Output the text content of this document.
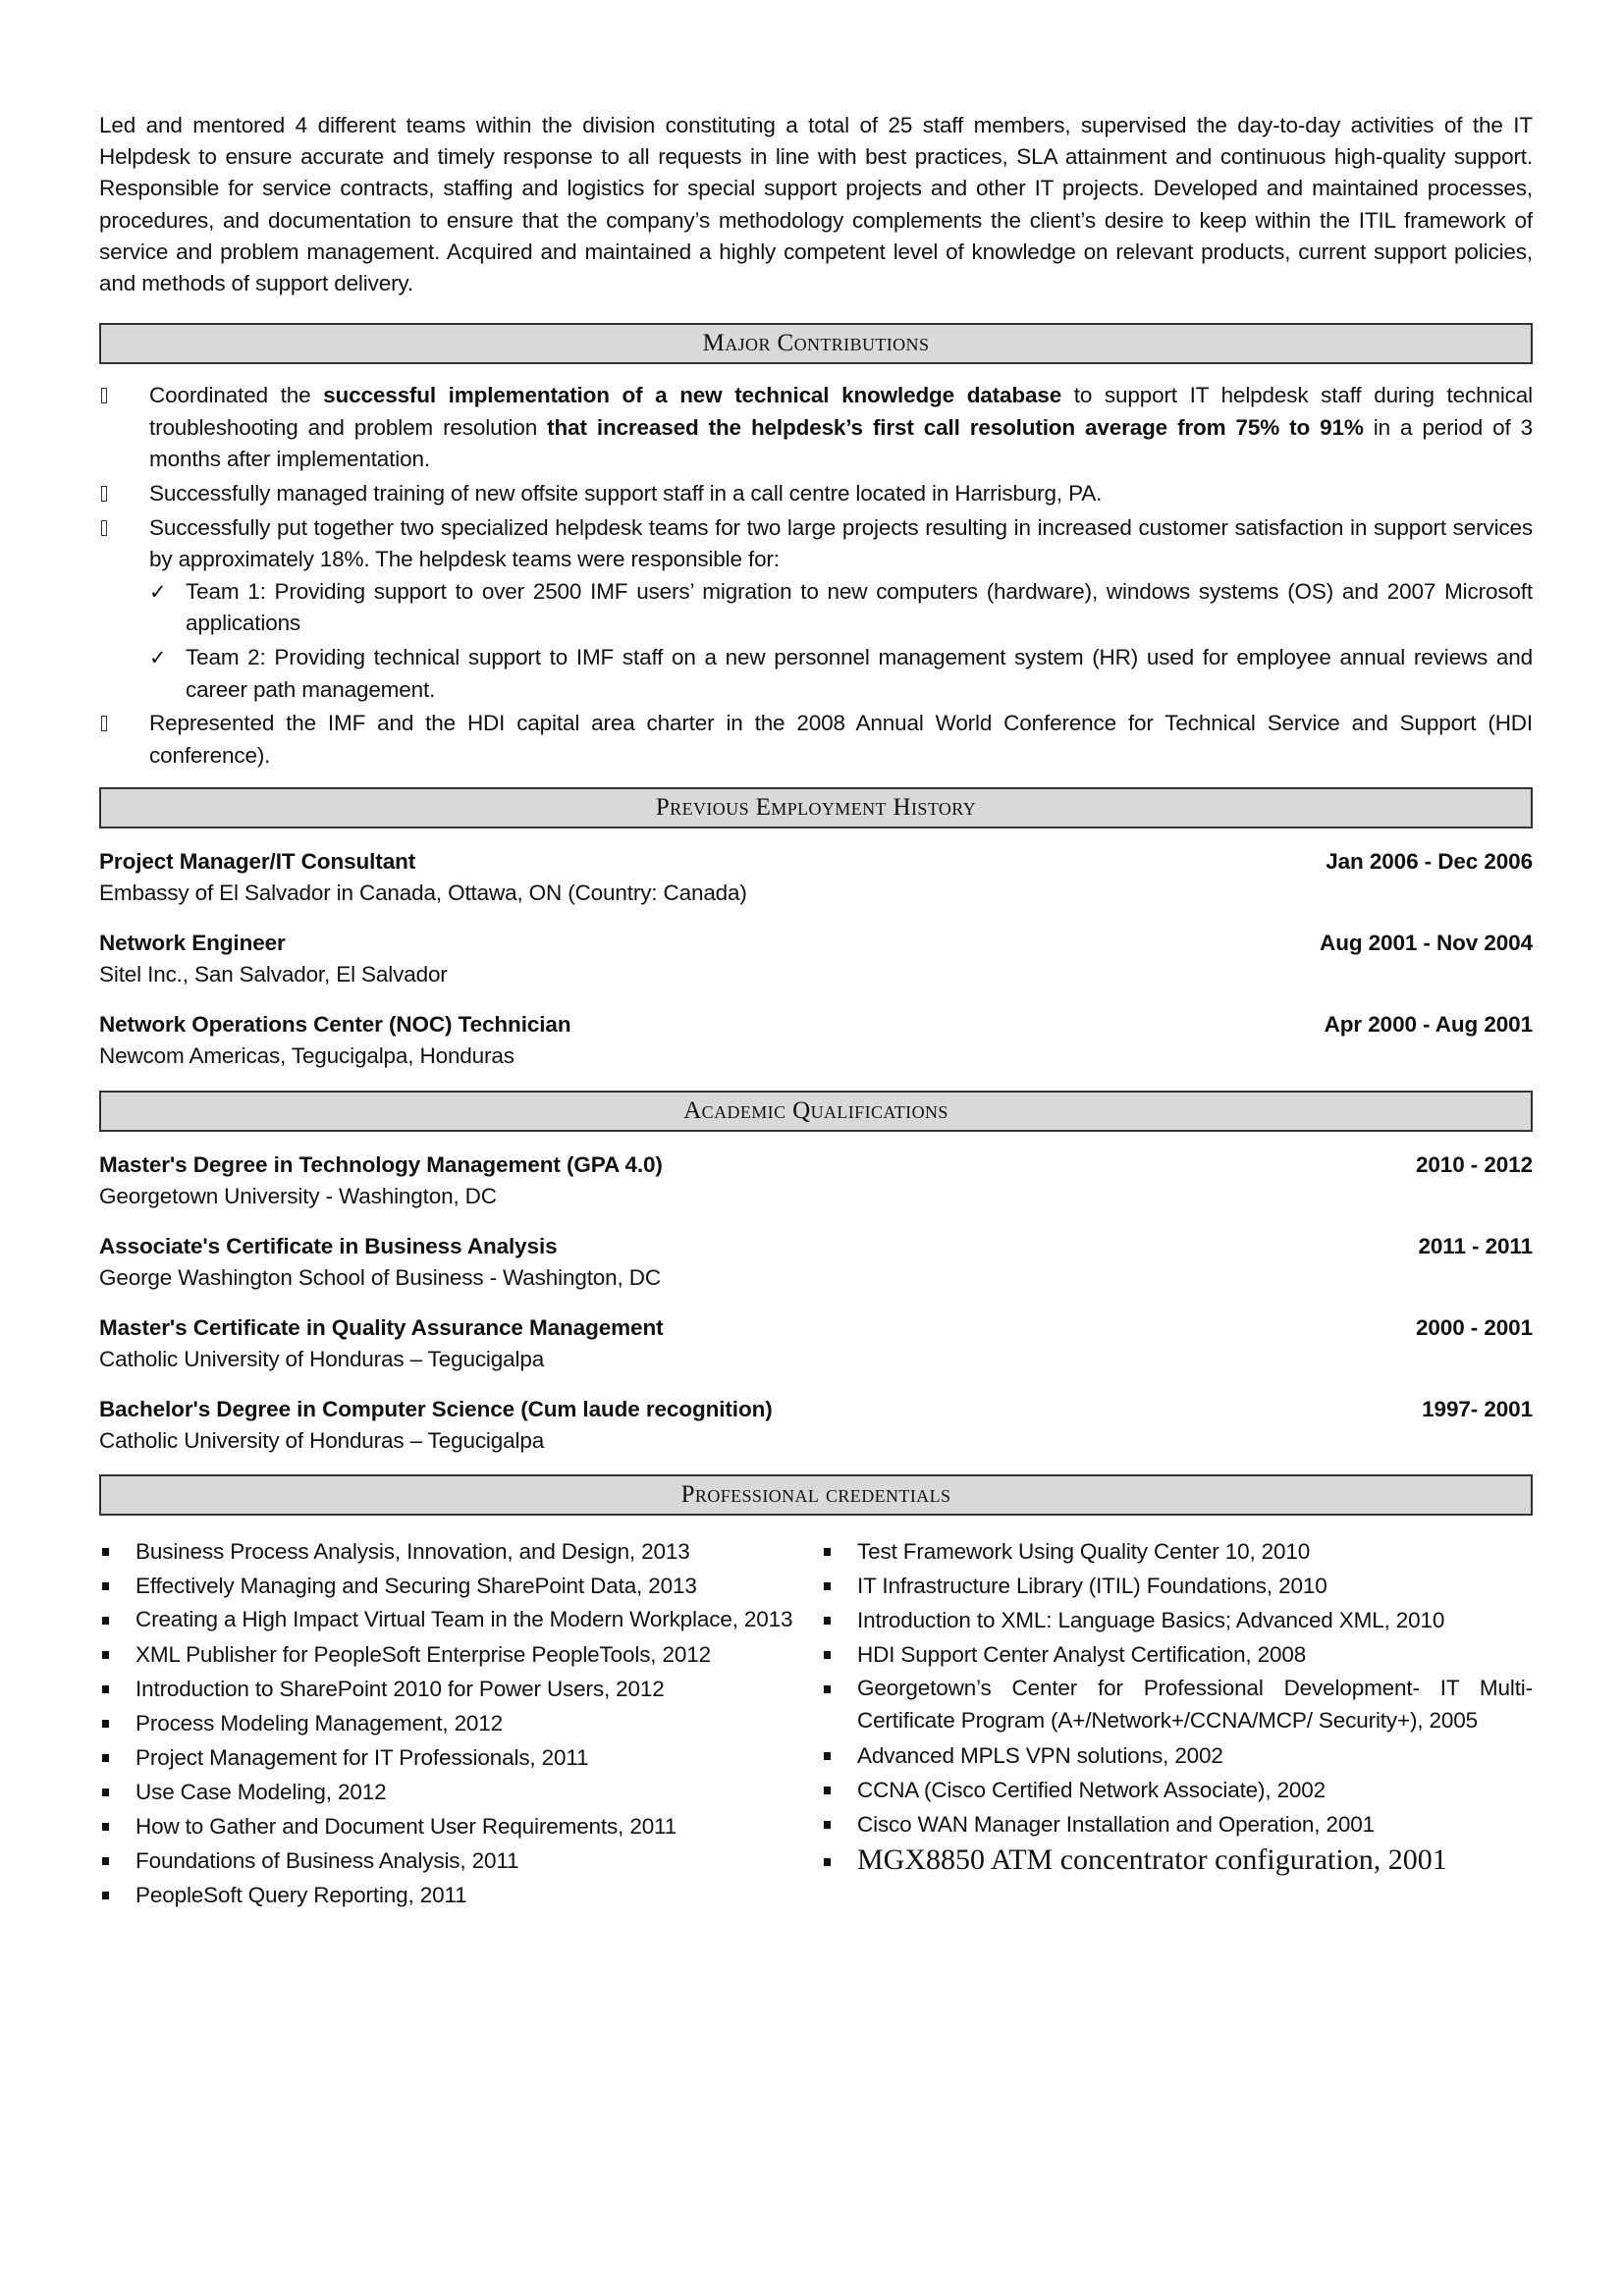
Led and mentored 4 different teams within the division constituting a total of 25 staff members, supervised the day-to-day activities of the IT Helpdesk to ensure accurate and timely response to all requests in line with best practices, SLA attainment and continuous high-quality support. Responsible for service contracts, staffing and logistics for special support projects and other IT projects. Developed and maintained processes, procedures, and documentation to ensure that the company’s methodology complements the client’s desire to keep within the ITIL framework of service and problem management. Acquired and maintained a highly competent level of knowledge on relevant products, current support policies, and methods of support delivery.

Major Contributions
Coordinated the successful implementation of a new technical knowledge database to support IT helpdesk staff during technical troubleshooting and problem resolution that increased the helpdesk’s first call resolution average from 75% to 91% in a period of 3 months after implementation.
Successfully managed training of new offsite support staff in a call centre located in Harrisburg, PA.
Successfully put together two specialized helpdesk teams for two large projects resulting in increased customer satisfaction in support services by approximately 18%. The helpdesk teams were responsible for:
✓ Team 1: Providing support to over 2500 IMF users’ migration to new computers (hardware), windows systems (OS) and 2007 Microsoft applications
✓ Team 2: Providing technical support to IMF staff on a new personnel management system (HR) used for employee annual reviews and career path management.
Represented the IMF and the HDI capital area charter in the 2008 Annual World Conference for Technical Service and Support (HDI conference).
Previous Employment History
Project Manager/IT Consultant	Jan 2006 - Dec 2006
Embassy of El Salvador in Canada, Ottawa, ON (Country: Canada)
Network Engineer	Aug 2001 - Nov 2004
Sitel Inc., San Salvador, El Salvador
Network Operations Center (NOC) Technician	Apr 2000 - Aug 2001
Newcom Americas, Tegucigalpa, Honduras
Academic Qualifications
Master's Degree in Technology Management (GPA 4.0)	2010 - 2012
Georgetown University - Washington, DC
Associate's Certificate in Business Analysis	2011 - 2011
George Washington School of Business - Washington, DC
Master's Certificate in Quality Assurance Management	2000 - 2001
Catholic University of Honduras – Tegucigalpa
Bachelor's Degree in Computer Science (Cum laude recognition)	1997- 2001
Catholic University of Honduras – Tegucigalpa
Professional credentials
Business Process Analysis, Innovation, and Design, 2013
Effectively Managing and Securing SharePoint Data, 2013
Creating a High Impact Virtual Team in the Modern Workplace, 2013
XML Publisher for PeopleSoft Enterprise PeopleTools, 2012
Introduction to SharePoint 2010 for Power Users, 2012
Process Modeling Management, 2012
Project Management for IT Professionals, 2011
Use Case Modeling, 2012
How to Gather and Document User Requirements, 2011
Foundations of Business Analysis, 2011
PeopleSoft Query Reporting, 2011
Test Framework Using Quality Center 10, 2010
IT Infrastructure Library (ITIL) Foundations, 2010
Introduction to XML: Language Basics; Advanced XML, 2010
HDI Support Center Analyst Certification, 2008
Georgetown’s Center for Professional Development- IT Multi-Certificate Program (A+/Network+/CCNA/MCP/ Security+), 2005
Advanced MPLS VPN solutions, 2002
CCNA (Cisco Certified Network Associate), 2002
Cisco WAN Manager Installation and Operation, 2001
MGX8850 ATM concentrator configuration, 2001
